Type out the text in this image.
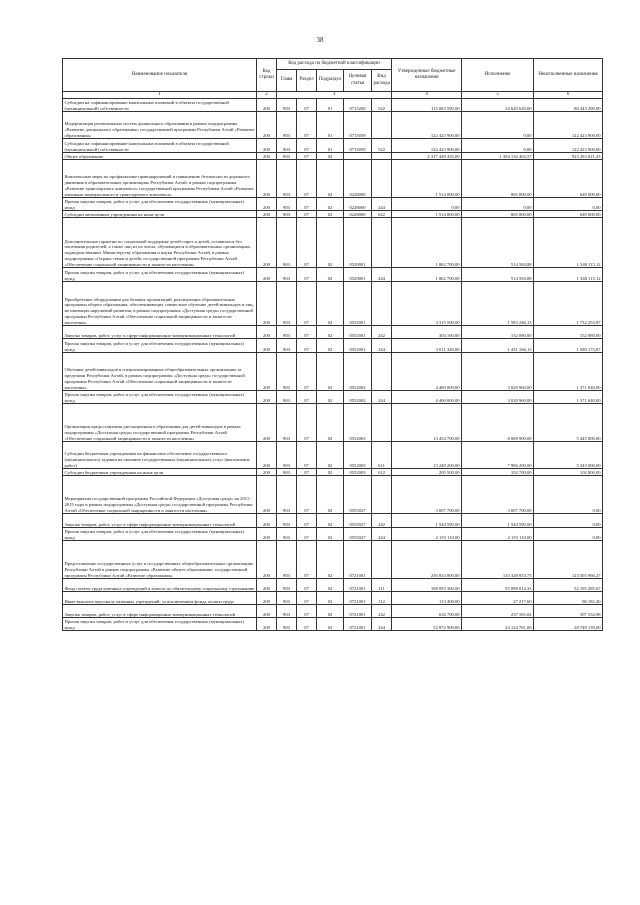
38
Наименование показателя	Код строки	Код расхода по бюджетной классификации					Утвержденные бюджетные назначения	Исполнение	Неисполненные назначения
		Глава	Раздел	Подраздел	Целевая статья	Вид расхода			
1	2	3					4	5	6
Субсидии на софинансирование капитальных вложений в объекты государственной (муниципальной) собственности	200	903	07	01	9715200	522	115 063 590,00	34 620 620,00	80 443 290,00
Модернизация региональных систем дошкольного образования в рамках подпрограммы «Развитие дошкольного образования» государственной программы Республики Алтай «Развитие образования»	200	903	07	01	0715059		122 423 900,00	0,00	122 423 900,00
Субсидии на софинансирование капитальных вложений в объекты государственной (муниципальной) собственности	200	903	07	01	0715059	522	122 423 900,00	0,00	122 423 900,00
Общее образование	200	903	07	02			2 317 449 435,00	1 394 134 463,57	923 293 021,43
Комплексные меры по профилактике правонарушений и повышению безопасности дорожного движения в образовательных организациях Республики Алтай, в рамках подпрограммы «Развитие транспортного комплекса» государственной программы Республики Алтай «Развитие жилищно-коммунального и транспортного комплекса»	200	903	07	02	0228000		1 514 000,00	865 000,00	649 000,00
Прочая закупка товаров, работ и услуг для обеспечения государственных (муниципальных) нужд	200	903	07	02	0228000	244	0,00	0,00	0,00
Субсидии автономным учреждениям на иные цели	200	903	07	02	0228000	622	1 514 000,00	865 000,00	649 000,00
Дополнительные гарантии по социальной поддержке детей-сирот и детей, оставшихся без попечения родителей, а также лиц из их числа, обучающихся в образовательных организациях, подведомственных Министерству образования и науки Республики Алтай, в рамках подпрограммы «Охрана семьи и детей» государственной программы Республики Алтай «Обеспечение социальной защищенности и занятости населения»	200	903	07	02	0529001		1 862 700,00	514 584,88	1 348 115,12
Прочая закупка товаров, работ и услуг для обеспечения государственных (муниципальных) нужд	200	903	07	02	0529001	244	1 862 700,00	514 584,88	1 348 115,12
Приобретение оборудования для базовых организаций, реализующих образовательные программы общего образования, обеспечивающих совместное обучение детей-инвалидов и лиц, не имеющих нарушений развития, в рамках подпрограммы «Доступная среда» государственной программы Республики Алтай «Обеспечение социальной защищенности и занятости населения»	200	903	07	02	0552001		3 315 500,00	1 583 246,13	1 732 253,87
Закупка товаров, работ, услуг в сфере информационно-коммуникационных технологий	200	903	07	02	0552001	242	304 160,00	152 080,00	152 080,00
Прочая закупка товаров, работ и услуг для обеспечения государственных (муниципальных) нужд	200	903	07	02	0552001	244	3 011 340,00	1 431 166,13	1 580 173,87
Обучение детей-инвалидов в специализированных общеобразовательных организациях за пределами Республики Алтай, в рамках подпрограммы «Доступная среда» государственной программы Республики Алтай «Обеспечение социальной защищенности и занятости населения»	200	903	07	02	0552002		4 400 000,00	3 028 960,00	1 371 040,00
Прочая закупка товаров, работ и услуг для обеспечения государственных (муниципальных) нужд	200	903	07	02	0552002	244	4 400 000,00	3 028 960,00	1 371 040,00
Организация предоставления дистанционного образования для детей-инвалидов в рамках подпрограммы «Доступная среда» государственной программы Республики Алтай «Обеспечение социальной защищенности и занятости населения»	200	903	07	02	0552003		13 454 700,00	8 008 900,00	5 445 800,00
Субсидии бюджетным учреждениям на финансовое обеспечение государственного (муниципального) задания на оказание государственных (муниципальных) услуг (выполнение работ)	200	903	07	02	0552003	611	13 249 200,00	7 906 200,00	5 343 000,00
Субсидии бюджетным учреждениям на иные цели	200	903	07	02	0552003	612	205 500,00	102 700,00	102 800,00
Мероприятия государственной программы Российской Федерации «Доступная среда» на 2011-2015 годы в рамках подпрограммы «Доступная среда» государственной программы Республики Алтай «Обеспечение социальной защищенности и занятости населения»	200	903	07	02	0555027		3 697 700,00	3 697 700,00	0,00
Закупка товаров, работ, услуг в сфере информационно-коммуникационных технологий	200	903	07	02	0555027	242	1 544 590,00	1 544 590,00	0,00
Прочая закупка товаров, работ и услуг для обеспечения государственных (муниципальных) нужд	200	903	07	02	0555027	244	2 153 110,00	2 153 110,00	0,00
Предоставление государственных услуг в государственных общеобразовательных организациях Республики Алтай в рамках подпрограммы «Развитие общего образования» государственной программы Республики Алтай «Развитие образования»	200	903	07	02	0721001		256 834 800,00	133 328 833,73	123 505 966,27
Фонд оплаты труда казенных учреждений и взносы по обязательному социальному страхованию	200	903	07	02	0721001	111	108 093 300,00	55 898 014,33	52 195 285,67
Иные выплаты персоналу казенных учреждений, за исключением фонда оплаты труда	200	903	07	02	0721001	112	113 400,00	27 217,60	86 182,40
Закупка товаров, работ, услуг в сфере информационно-коммуникационных технологий	200	903	07	02	0721001	242	634 700,00	237 165,02	397 534,98
Прочая закупка товаров, работ и услуг для обеспечения государственных (муниципальных) нужд	200	903	07	02	0721001	244	52 872 900,00	24 124 761,00	28 748 139,00
